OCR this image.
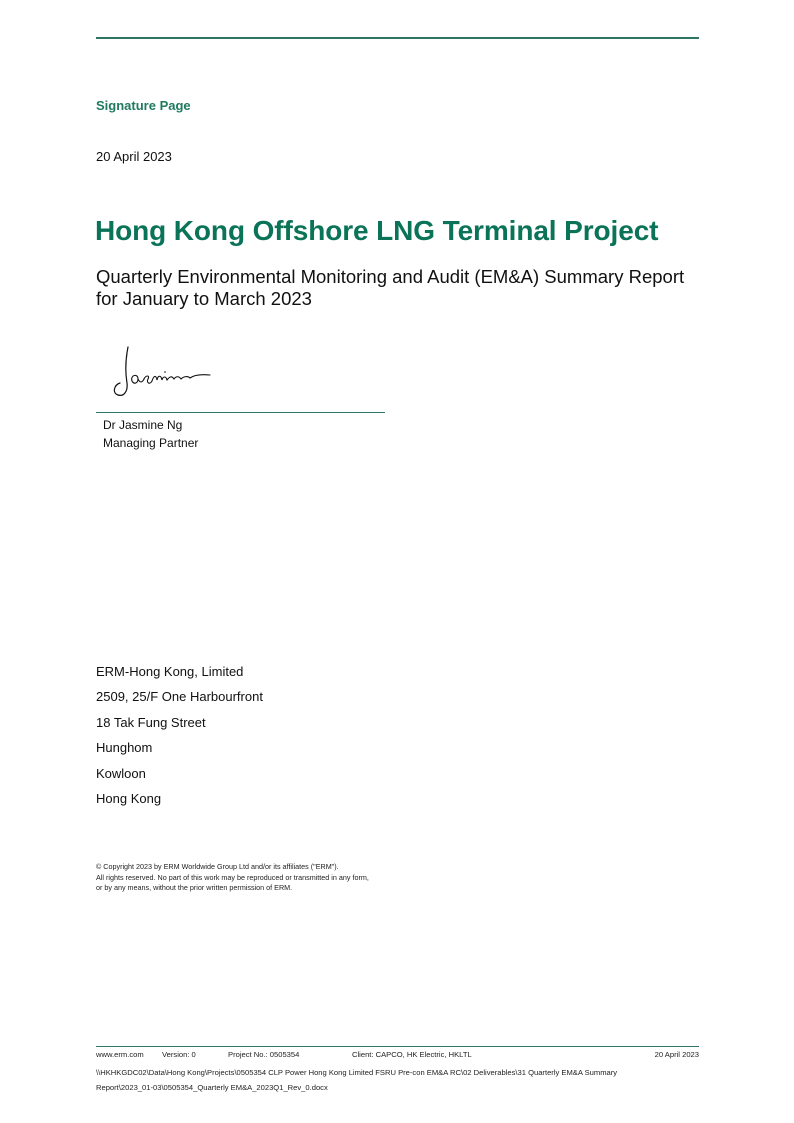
Signature Page
20 April 2023
Hong Kong Offshore LNG Terminal Project
Quarterly Environmental Monitoring and Audit (EM&A) Summary Report
for January to March 2023
Dr Jasmine Ng
Managing Partner
ERM-Hong Kong, Limited
2509, 25/F One Harbourfront
18 Tak Fung Street
Hunghom
Kowloon
Hong Kong
© Copyright 2023 by ERM Worldwide Group Ltd and/or its affiliates ("ERM").
All rights reserved. No part of this work may be reproduced or transmitted in any form,
or by any means, without the prior written permission of ERM.
www.erm.com Version: 0	Project No.: 0505354	Client: CAPCO, HK Electric, HKLTL	20 April 2023
\\HKHKGDC02\Data\Hong Kong\Projects\0505354 CLP Power Hong Kong Limited FSRU Pre-con EM&A RC\02 Deliverables\31 Quarterly EM&A Summary
Report\2023_01-03\0505354_Quarterly EM&A_2023Q1_Rev_0.docx
